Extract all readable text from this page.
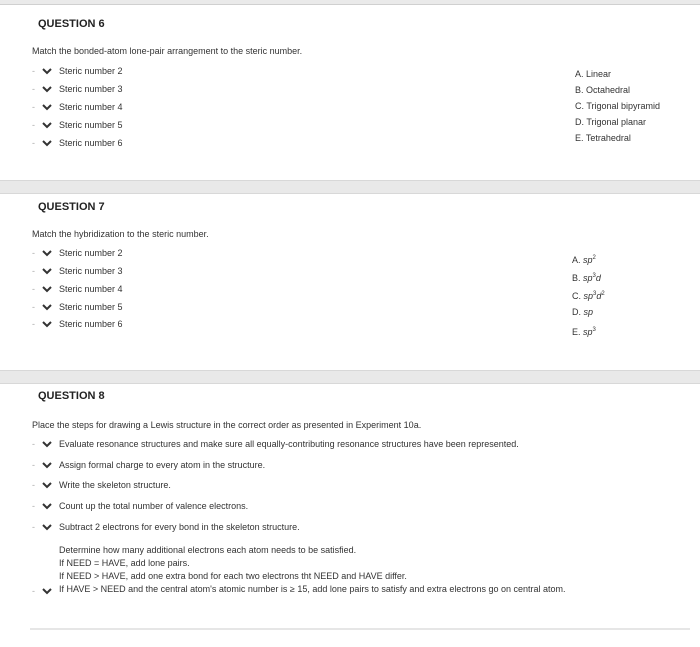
QUESTION 6
Match the bonded-atom lone-pair arrangement to the steric number.
-	Steric number 2
-	Steric number 3
-	Steric number 4
-	Steric number 5
-	Steric number 6
A. Linear
B. Octahedral
C. Trigonal bipyramid
D. Trigonal planar
E. Tetrahedral
QUESTION 7
Match the hybridization to the steric number.
-	Steric number 2
-	Steric number 3
-	Steric number 4
-	Steric number 5
-	Steric number 6
A. $sp^2$
B. $sp^3d$
C. $sp^3d^2$
D. sp
E. $sp^3$
QUESTION 8
Place the steps for drawing a Lewis structure in the correct order as presented in Experiment 10a.
-	Evaluate resonance structures and make sure all equally-contributing resonance structures have been represented.
-	Assign formal charge to every atom in the structure.
-	Write the skeleton structure.
-	Count up the total number of valence electrons.
-	Subtract 2 electrons for every bond in the skeleton structure.
-
Determine how many additional electrons each atom needs to be satisfied.
If NEED = HAVE, add lone pairs.
If NEED > HAVE, add one extra bond for each two electrons tht NEED and HAVE differ.
If HAVE > NEED and the central atom's atomic number is ≥ 15, add lone pairs to satisfy and extra electrons go on central atom.
